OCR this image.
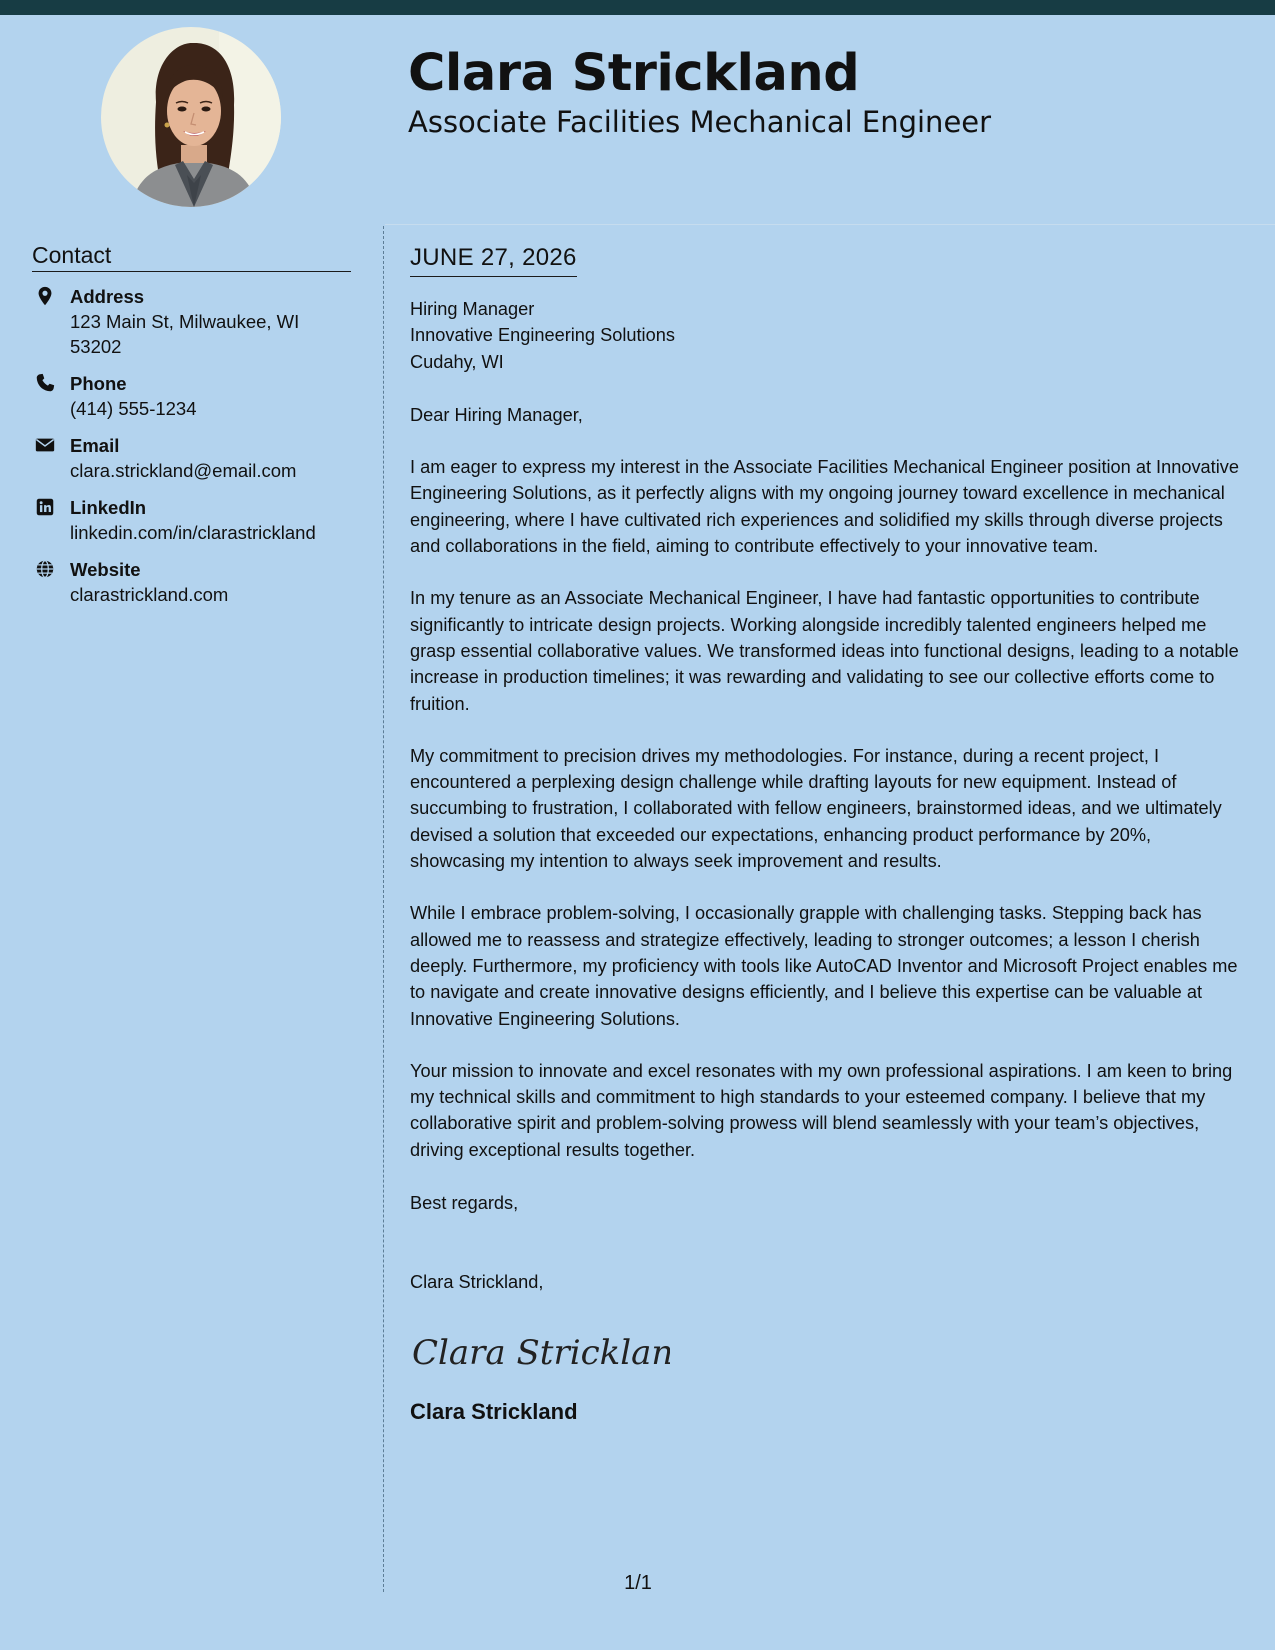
Clara Strickland
Associate Facilities Mechanical Engineer
Contact
Address
123 Main St, Milwaukee, WI 53202
Phone
(414) 555-1234
Email
clara.strickland@email.com
LinkedIn
linkedin.com/in/clarastrickland
Website
clarastrickland.com
JUNE 27, 2026
Hiring Manager
Innovative Engineering Solutions
Cudahy, WI
Dear Hiring Manager,
I am eager to express my interest in the Associate Facilities Mechanical Engineer position at Innovative Engineering Solutions, as it perfectly aligns with my ongoing journey toward excellence in mechanical engineering, where I have cultivated rich experiences and solidified my skills through diverse projects and collaborations in the field, aiming to contribute effectively to your innovative team.
In my tenure as an Associate Mechanical Engineer, I have had fantastic opportunities to contribute significantly to intricate design projects. Working alongside incredibly talented engineers helped me grasp essential collaborative values. We transformed ideas into functional designs, leading to a notable increase in production timelines; it was rewarding and validating to see our collective efforts come to fruition.
My commitment to precision drives my methodologies. For instance, during a recent project, I encountered a perplexing design challenge while drafting layouts for new equipment. Instead of succumbing to frustration, I collaborated with fellow engineers, brainstormed ideas, and we ultimately devised a solution that exceeded our expectations, enhancing product performance by 20%, showcasing my intention to always seek improvement and results.
While I embrace problem-solving, I occasionally grapple with challenging tasks. Stepping back has allowed me to reassess and strategize effectively, leading to stronger outcomes; a lesson I cherish deeply. Furthermore, my proficiency with tools like AutoCAD Inventor and Microsoft Project enables me to navigate and create innovative designs efficiently, and I believe this expertise can be valuable at Innovative Engineering Solutions.
Your mission to innovate and excel resonates with my own professional aspirations. I am keen to bring my technical skills and commitment to high standards to your esteemed company. I believe that my collaborative spirit and problem-solving prowess will blend seamlessly with your team’s objectives, driving exceptional results together.
Best regards,
Clara Strickland,
Clara Strickland
Clara Strickland
1/1
